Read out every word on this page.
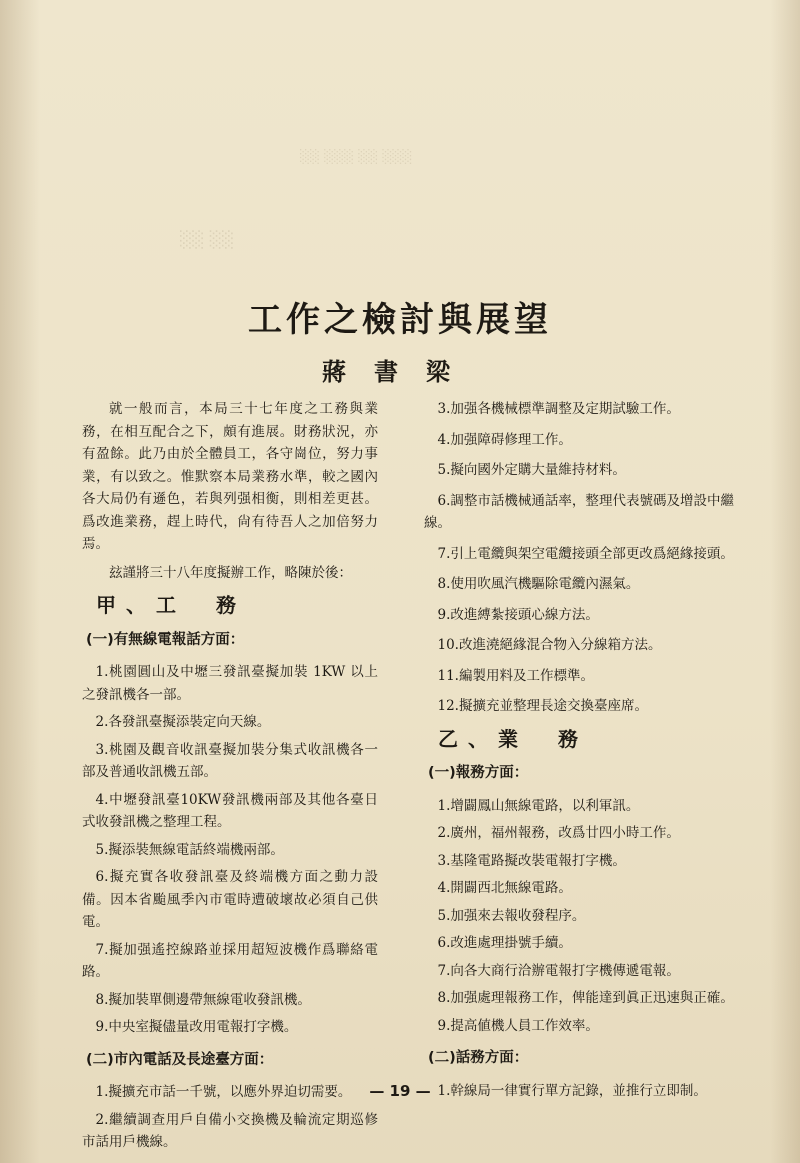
░░ ░░░ ░░ ░░░
░░ ░░
工作之檢討與展望
蔣書梁

就一般而言，本局三十七年度之工務與業務，在相互配合之下，頗有進展。財務狀況，亦有盈餘。此乃由於全體員工，各守崗位，努力事業，有以致之。惟默察本局業務水準，較之國內各大局仍有遜色，若與列强相衡，則相差更甚。爲改進業務，趕上時代，尙有待吾人之加倍努力焉。

玆謹將三十八年度擬辦工作，略陳於後：

甲、工　務
(一)有無線電報話方面：

1.桃園圓山及中壢三發訊臺擬加裝 1KW 以上之發訊機各一部。

2.各發訊臺擬添裝定向天線。

3.桃園及觀音收訊臺擬加裝分集式收訊機各一部及普通收訊機五部。

4.中壢發訊臺10KW發訊機兩部及其他各臺日式收發訊機之整理工程。

5.擬添裝無線電話終端機兩部。

6.擬充實各收發訊臺及終端機方面之動力設備。因本省颱風季內市電時遭破壞故必須自己供電。

7.擬加强遙控線路並採用超短波機作爲聯絡電路。

8.擬加裝單側邊帶無線電收發訊機。

9.中央室擬儘量改用電報打字機。

(二)市內電話及長途臺方面：

1.擬擴充市話一千號，以應外界迫切需要。

2.繼續調查用戶自備小交換機及輪流定期巡修市話用戶機線。

3.加强各機械標準調整及定期試驗工作。

4.加强障碍修理工作。

5.擬向國外定購大量維持材料。

6.調整市話機械通話率，整理代表號碼及增設中繼線。

7.引上電纜與架空電纜接頭全部更改爲絕緣接頭。

8.使用吹風汽機驅除電纜內濕氣。

9.改進縛紮接頭心線方法。

10.改進澆絕緣混合物入分線箱方法。

11.編製用料及工作標準。

12.擬擴充並整理長途交換臺座席。

乙、業　務
(一)報務方面：

1.增闢鳳山無線電路，以利軍訊。

2.廣州，福州報務，改爲廿四小時工作。

3.基隆電路擬改裝電報打字機。

4.開闢西北無線電路。

5.加强來去報收發程序。

6.改進處理掛號手續。

7.向各大商行洽辦電報打字機傳遞電報。

8.加强處理報務工作，俾能達到眞正迅速與正確。

9.提高値機人員工作效率。

(二)話務方面：

1.幹線局一律實行單方記錄，並推行立即制。

— 19 —
